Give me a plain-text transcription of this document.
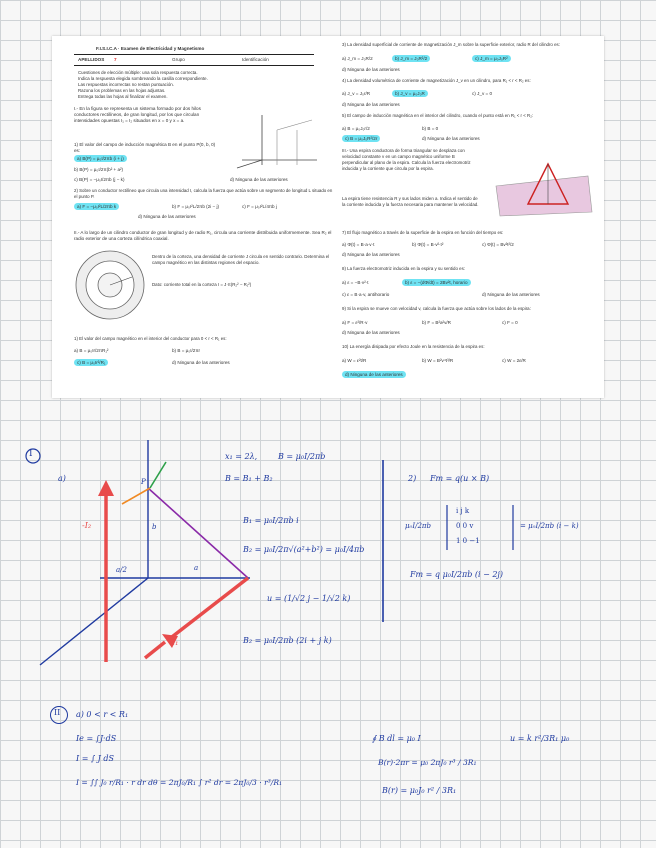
F.I.S.I.C.A · Examen de Electricidad y Magnetismo
APELLIDOS 7	Grupo	Identificación
Cuestiones de elección múltiple: una sola respuesta correcta.
Indica la respuesta elegida sombreando la casilla correspondiente.
Las respuestas incorrectas no restan puntuación.
Razona los problemas en las hojas adjuntas.
Entrega todas las hojas al finalizar el examen.
I.- En la figura se representa un sistema formado por dos hilos conductores rectilíneos, de gran longitud, por los que circulan intensidades opuestas I₁ = I₂ situados en x = 0 y x = a.
1) El valor del campo de inducción magnética B en el punto P(0, b, 0) es:
a) B(P) = μ₀I/2πb (i + j)
b) B(P) = μ₀I/2π(b² + a²)
c) B(P) = −μ₀I/2πb (j − k)	d) Ninguna de las anteriores
2) Sobre un conductor rectilíneo que circula una intensidad I, calcula la fuerza que actúa sobre un segmento de longitud L situado en el punto P.
a) F = −μ₀I²L/2πb k	b) F = μ₀I²L/2πb (2i − j)	c) F = μ₀I²L/4πb j
d) Ninguna de las anteriores
II.- A lo largo de un cilindro conductor de gran longitud y de radio R₁, circula una corriente distribuida uniformemente. Sea R₂ el radio exterior de una corteza cilíndrica coaxial.
Dentro de la corteza, una densidad de corriente J circula en sentido contrario. Determina el campo magnético en las distintas regiones del espacio.
Dato: corriente total en la corteza I = J·π(R₂² − R₁²)
1) El valor del campo magnético en el interior del conductor para 0 < r < R₁ es:
a) B = μ₀Ir/2πR₁²	b) B = μ₀I/2πr
c) B = μ₀Ir²/R₁	d) Ninguna de las anteriores
3) La densidad superficial de corriente de magnetización J_m sobre la superficie exterior, radio R del cilindro es:
a) J_m = J₀R/2	b) J_m = J₀R²/2	c) J_m = μ₀J₀R²
d) Ninguna de las anteriores
4) La densidad volumétrica de corriente de magnetización J_v en un cilindro, para R₁ < r < R₂ es:
a) J_v = J₀r/R	b) J_v = μ₀J₀R	c) J_v = 0
d) Ninguna de las anteriores
5) El campo de inducción magnética en el interior del cilindro, cuando el punto está en R₁ < r < R₂:
a) B = μ₀J₀r/2	b) B = 0
c) B = μ₀J₀R²/2r	d) Ninguna de las anteriores
III.- Una espira conductora de forma triangular se desplaza con velocidad constante v en un campo magnético uniforme B perpendicular al plano de la espira. Calcula la fuerza electromotriz inducida y la corriente que circula por la espira.
La espira tiene resistencia R y sus lados miden a. Indica el sentido de la corriente inducida y la fuerza necesaria para mantener la velocidad.
7) El flujo magnético a través de la superficie de la espira en función del tiempo es:
a) Φ(t) = B·a·v·t	b) Φ(t) = B·v²·t²	c) Φ(t) = Bv²t²/2
d) Ninguna de las anteriores
8) La fuerza electromotriz inducida en la espira y su sentido es:
a) ε = −B·v²·t	b) ε = −(dΦ/dt) = 2Bv²t, horario
c) ε = B·a·v, antihorario	d) Ninguna de las anteriores
9) Si la espira se mueve con velocidad v, calcula la fuerza que actúa sobre los lados de la espira:
a) F = ε²/R·v	b) F = B²a²v/R	c) F = 0
d) Ninguna de las anteriores
10) La energía disipada por efecto Joule en la resistencia de la espira es:
a) W = ε²t/R	b) W = B²v⁴t³/R	c) W = 2ε/R
d) Ninguna de las anteriores
I
a)	2)
x₁ = 2λ,	B = μ₀I/2πb
B = B₁ + B₂
B₁ = μ₀I/2πb i
B₂ = μ₀I/2π√(a²+b²) = μ₀I/4πb
u = (1/√2 j − 1/√2 k)
B₂ = μ₀I/2πb (2i + j k)
-I₂
I₁
b
a
P
a/2
Fm = q(u × B)
μ₀I/2πb
i j k
0 0 v
1 0 −1
= μ₀I/2πb (i − k)
Fm = q μ₀I/2πb (i − 2j)
II a) 0 < r < R₁
Ie = ∫J·dS
I = ∫ J dS
I = ∫∫ J₀ r/R₁ · r dr dθ = 2πJ₀/R₁ ∫ r² dr = 2πJ₀/3 · r³/R₁
∮ B dl = μ₀ I
B(r)·2πr = μ₀ 2πJ₀ r³ / 3R₁
B(r) = μ₀J₀ r² / 3R₁
u = k r²/3R₁ μ₀
